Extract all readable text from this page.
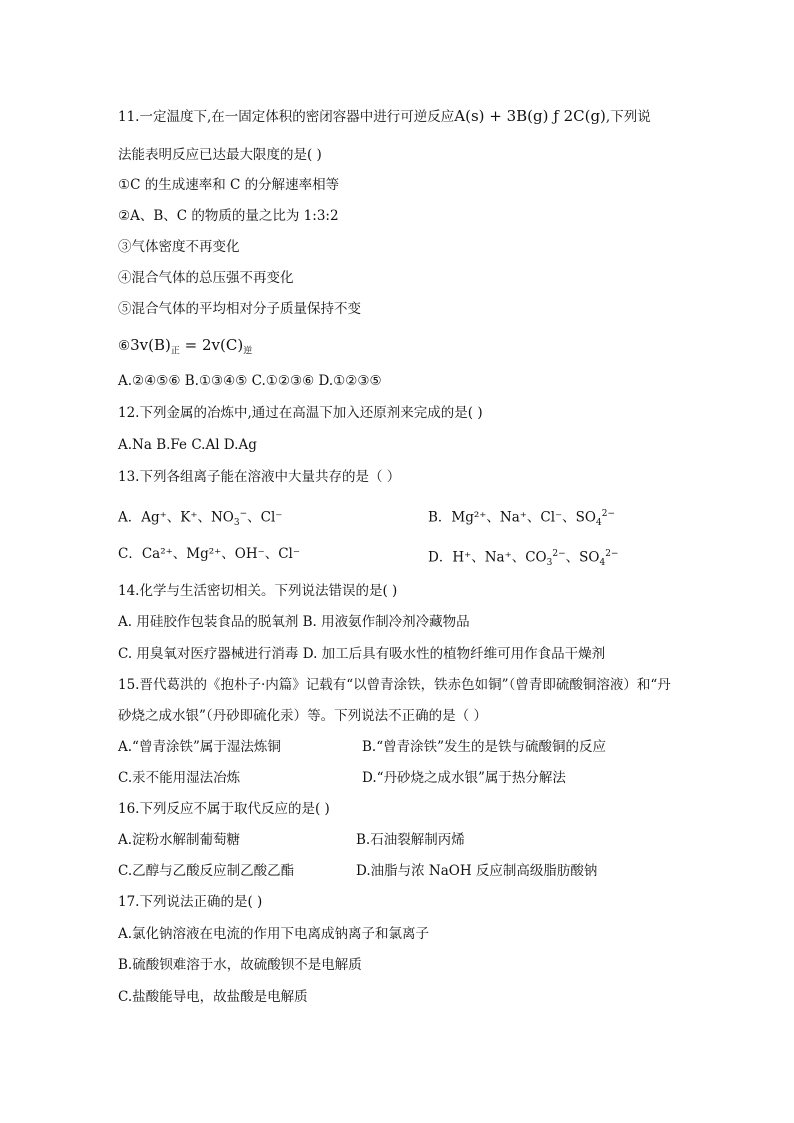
11.一定温度下,在一固定体积的密闭容器中进行可逆反应A(s) + 3B(g) ƒ 2C(g),下列说
法能表明反应已达最大限度的是( )
①C 的生成速率和 C 的分解速率相等
②A、B、C 的物质的量之比为 1:3:2
③气体密度不再变化
④混合气体的总压强不再变化
⑤混合气体的平均相对分子质量保持不变
$⑥3v(B)_正 = 2v(C)_逆$
A.②④⑤⑥ B.①③④⑤ C.①②③⑥ D.①②③⑤
12.下列金属的冶炼中,通过在高温下加入还原剂来完成的是( )
A.Na B.Fe C.Al D.Ag
13.下列各组离子能在溶液中大量共存的是（ ）
A．Ag⁺、K⁺、$NO_3^-$、Cl⁻	B．Mg²⁺、Na⁺、Cl⁻、$SO_4^{2-}$
C．Ca²⁺、Mg²⁺、OH⁻、Cl⁻	D．H⁺、Na⁺、$CO_3^{2-}$、$SO_4^{2-}$
14.化学与生活密切相关。下列说法错误的是( )
A. 用硅胶作包装食品的脱氧剂 B. 用液氨作制冷剂冷藏物品
C. 用臭氧对医疗器械进行消毒 D. 加工后具有吸水性的植物纤维可用作食品干燥剂
15.晋代葛洪的《抱朴子·内篇》记载有“以曾青涂铁，铁赤色如铜”（曾青即硫酸铜溶液）和“丹
砂烧之成水银”（丹砂即硫化汞）等。下列说法不正确的是（ ）
A.“曾青涂铁”属于湿法炼铜	B.“曾青涂铁”发生的是铁与硫酸铜的反应
C.汞不能用湿法冶炼	D.“丹砂烧之成水银”属于热分解法
16.下列反应不属于取代反应的是( )
A.淀粉水解制葡萄糖	B.石油裂解制丙烯
C.乙醇与乙酸反应制乙酸乙酯	D.油脂与浓 NaOH 反应制高级脂肪酸钠
17.下列说法正确的是( )
A.氯化钠溶液在电流的作用下电离成钠离子和氯离子
B.硫酸钡难溶于水，故硫酸钡不是电解质
C.盐酸能导电，故盐酸是电解质
